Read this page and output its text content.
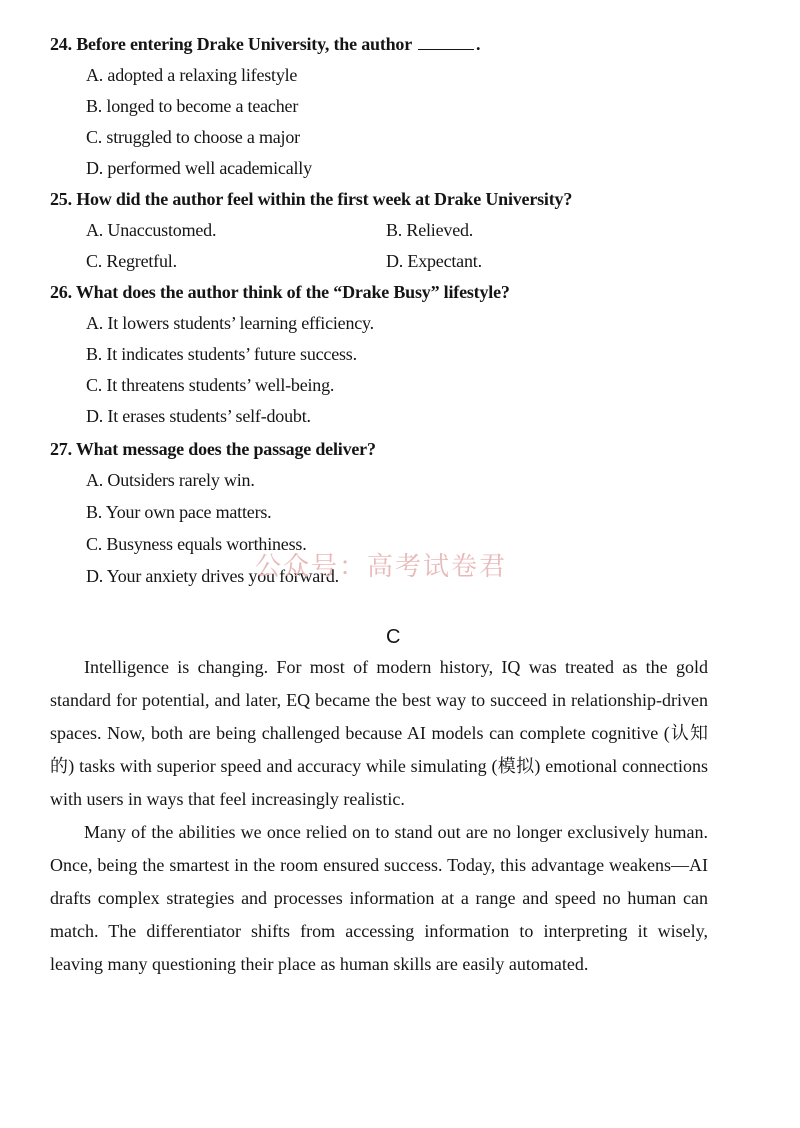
24. Before entering Drake University, the author	.
A. adopted a relaxing lifestyle
B. longed to become a teacher
C. struggled to choose a major
D. performed well academically
25. How did the author feel within the first week at Drake University?
A. Unaccustomed.	B. Relieved.
C. Regretful.	D. Expectant.
26. What does the author think of the “Drake Busy” lifestyle?
A. It lowers students’ learning efficiency.
B. It indicates students’ future success.
C. It threatens students’ well-being.
D. It erases students’ self-doubt.
27. What message does the passage deliver?
A. Outsiders rarely win.
B. Your own pace matters.
C. Busyness equals worthiness.
D. Your anxiety drives you forward.
公众号：高考试卷君
C
Intelligence is changing. For most of modern history, IQ was treated as the gold standard for potential, and later, EQ became the best way to succeed in relationship-driven spaces. Now, both are being challenged because AI models can complete cognitive (认知的) tasks with superior speed and accuracy while simulating (模拟) emotional connections with users in ways that feel increasingly realistic.
Many of the abilities we once relied on to stand out are no longer exclusively human. Once, being the smartest in the room ensured success. Today, this advantage weakens—AI drafts complex strategies and processes information at a range and speed no human can match. The differentiator shifts from accessing information to interpreting it wisely, leaving many questioning their place as human skills are easily automated.
